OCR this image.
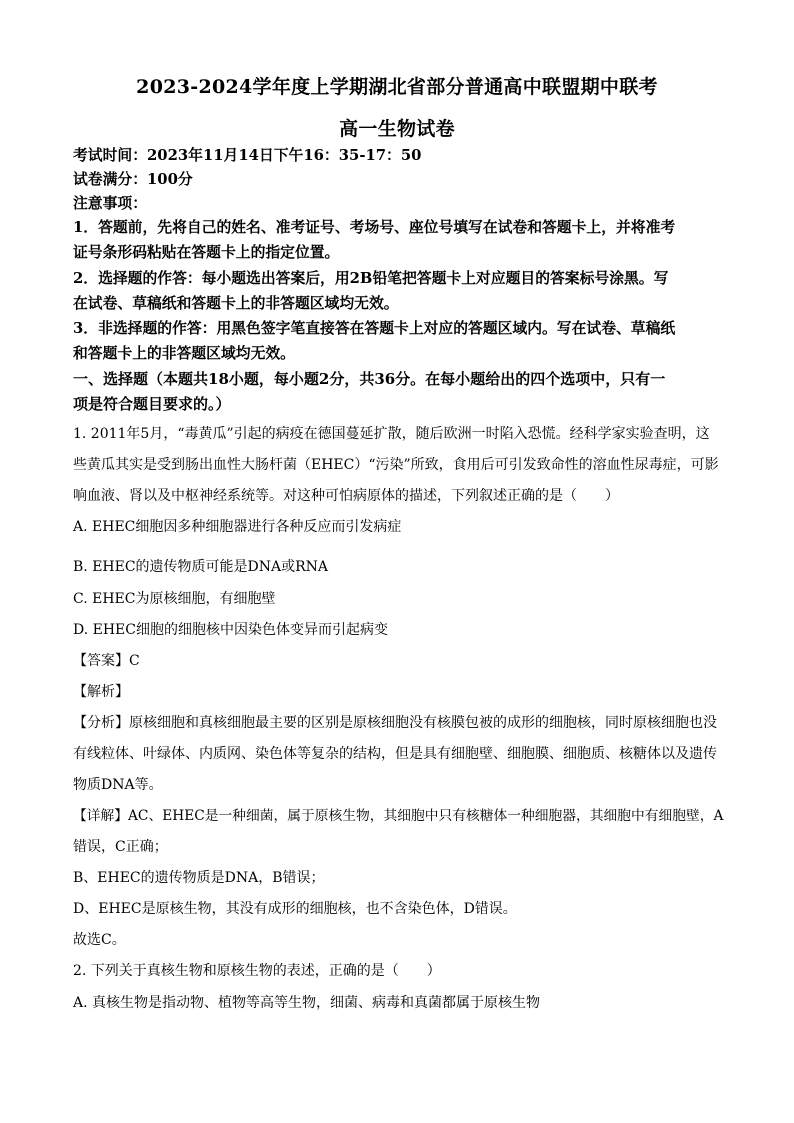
2023-2024学年度上学期湖北省部分普通高中联盟期中联考
高一生物试卷
考试时间：2023年11月14日下午16：35-17：50
试卷满分：100分
注意事项：
1．答题前，先将自己的姓名、准考证号、考场号、座位号填写在试卷和答题卡上，并将准考
证号条形码粘贴在答题卡上的指定位置。
2．选择题的作答：每小题选出答案后，用2B铅笔把答题卡上对应题目的答案标号涂黑。写
在试卷、草稿纸和答题卡上的非答题区域均无效。
3．非选择题的作答：用黑色签字笔直接答在答题卡上对应的答题区域内。写在试卷、草稿纸
和答题卡上的非答题区域均无效。
一、选择题（本题共18小题，每小题2分，共36分。在每小题给出的四个选项中，只有一
项是符合题目要求的。）
1. 2011年5月，“毒黄瓜”引起的病疫在德国蔓延扩散，随后欧洲一时陷入恐慌。经科学家实验查明，这
些黄瓜其实是受到肠出血性大肠杆菌（EHEC）“污染”所致，食用后可引发致命性的溶血性尿毒症，可影
响血液、肾以及中枢神经系统等。对这种可怕病原体的描述，下列叙述正确的是（　　）
A. EHEC细胞因多种细胞器进行各种反应而引发病症
B. EHEC的遗传物质可能是DNA或RNA
C. EHEC为原核细胞，有细胞壁
D. EHEC细胞的细胞核中因染色体变异而引起病变
【答案】C
【解析】
【分析】原核细胞和真核细胞最主要的区别是原核细胞没有核膜包被的成形的细胞核，同时原核细胞也没
有线粒体、叶绿体、内质网、染色体等复杂的结构，但是具有细胞壁、细胞膜、细胞质、核糖体以及遗传
物质DNA等。
【详解】AC、EHEC是一种细菌，属于原核生物，其细胞中只有核糖体一种细胞器，其细胞中有细胞壁，A
错误，C正确；
B、EHEC的遗传物质是DNA，B错误；
D、EHEC是原核生物，其没有成形的细胞核，也不含染色体，D错误。
故选C。
2. 下列关于真核生物和原核生物的表述，正确的是（　　）
A. 真核生物是指动物、植物等高等生物，细菌、病毒和真菌都属于原核生物
